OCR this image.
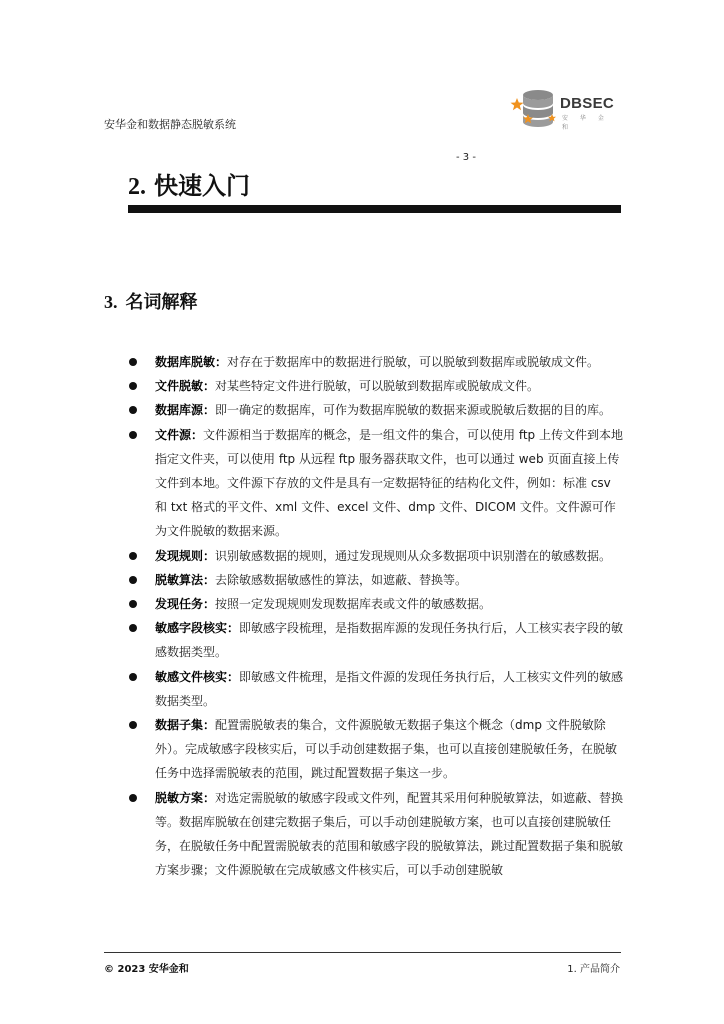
安华金和数据静态脱敏系统
DBSEC
安 华 金 和
- 3 -
2. 快速入门
3. 名词解释
数据库脱敏：对存在于数据库中的数据进行脱敏，可以脱敏到数据库或脱敏成文件。
文件脱敏：对某些特定文件进行脱敏，可以脱敏到数据库或脱敏成文件。
数据库源：即一确定的数据库，可作为数据库脱敏的数据来源或脱敏后数据的目的库。
文件源：文件源相当于数据库的概念，是一组文件的集合，可以使用 ftp 上传文件到本地指定文件夹，可以使用 ftp 从远程 ftp 服务器获取文件，也可以通过 web 页面直接上传文件到本地。文件源下存放的文件是具有一定数据特征的结构化文件，例如：标准 csv 和 txt 格式的平文件、xml 文件、excel 文件、dmp 文件、DICOM 文件。文件源可作为文件脱敏的数据来源。
发现规则：识别敏感数据的规则，通过发现规则从众多数据项中识别潜在的敏感数据。
脱敏算法：去除敏感数据敏感性的算法，如遮蔽、替换等。
发现任务：按照一定发现规则发现数据库表或文件的敏感数据。
敏感字段核实：即敏感字段梳理，是指数据库源的发现任务执行后，人工核实表字段的敏感数据类型。
敏感文件核实：即敏感文件梳理，是指文件源的发现任务执行后，人工核实文件列的敏感数据类型。
数据子集：配置需脱敏表的集合，文件源脱敏无数据子集这个概念（dmp 文件脱敏除外）。完成敏感字段核实后，可以手动创建数据子集，也可以直接创建脱敏任务，在脱敏任务中选择需脱敏表的范围，跳过配置数据子集这一步。
脱敏方案：对选定需脱敏的敏感字段或文件列，配置其采用何种脱敏算法，如遮蔽、替换等。数据库脱敏在创建完数据子集后，可以手动创建脱敏方案，也可以直接创建脱敏任务，在脱敏任务中配置需脱敏表的范围和敏感字段的脱敏算法，跳过配置数据子集和脱敏方案步骤；文件源脱敏在完成敏感文件核实后，可以手动创建脱敏
© 2023 安华金和	1. 产品简介
